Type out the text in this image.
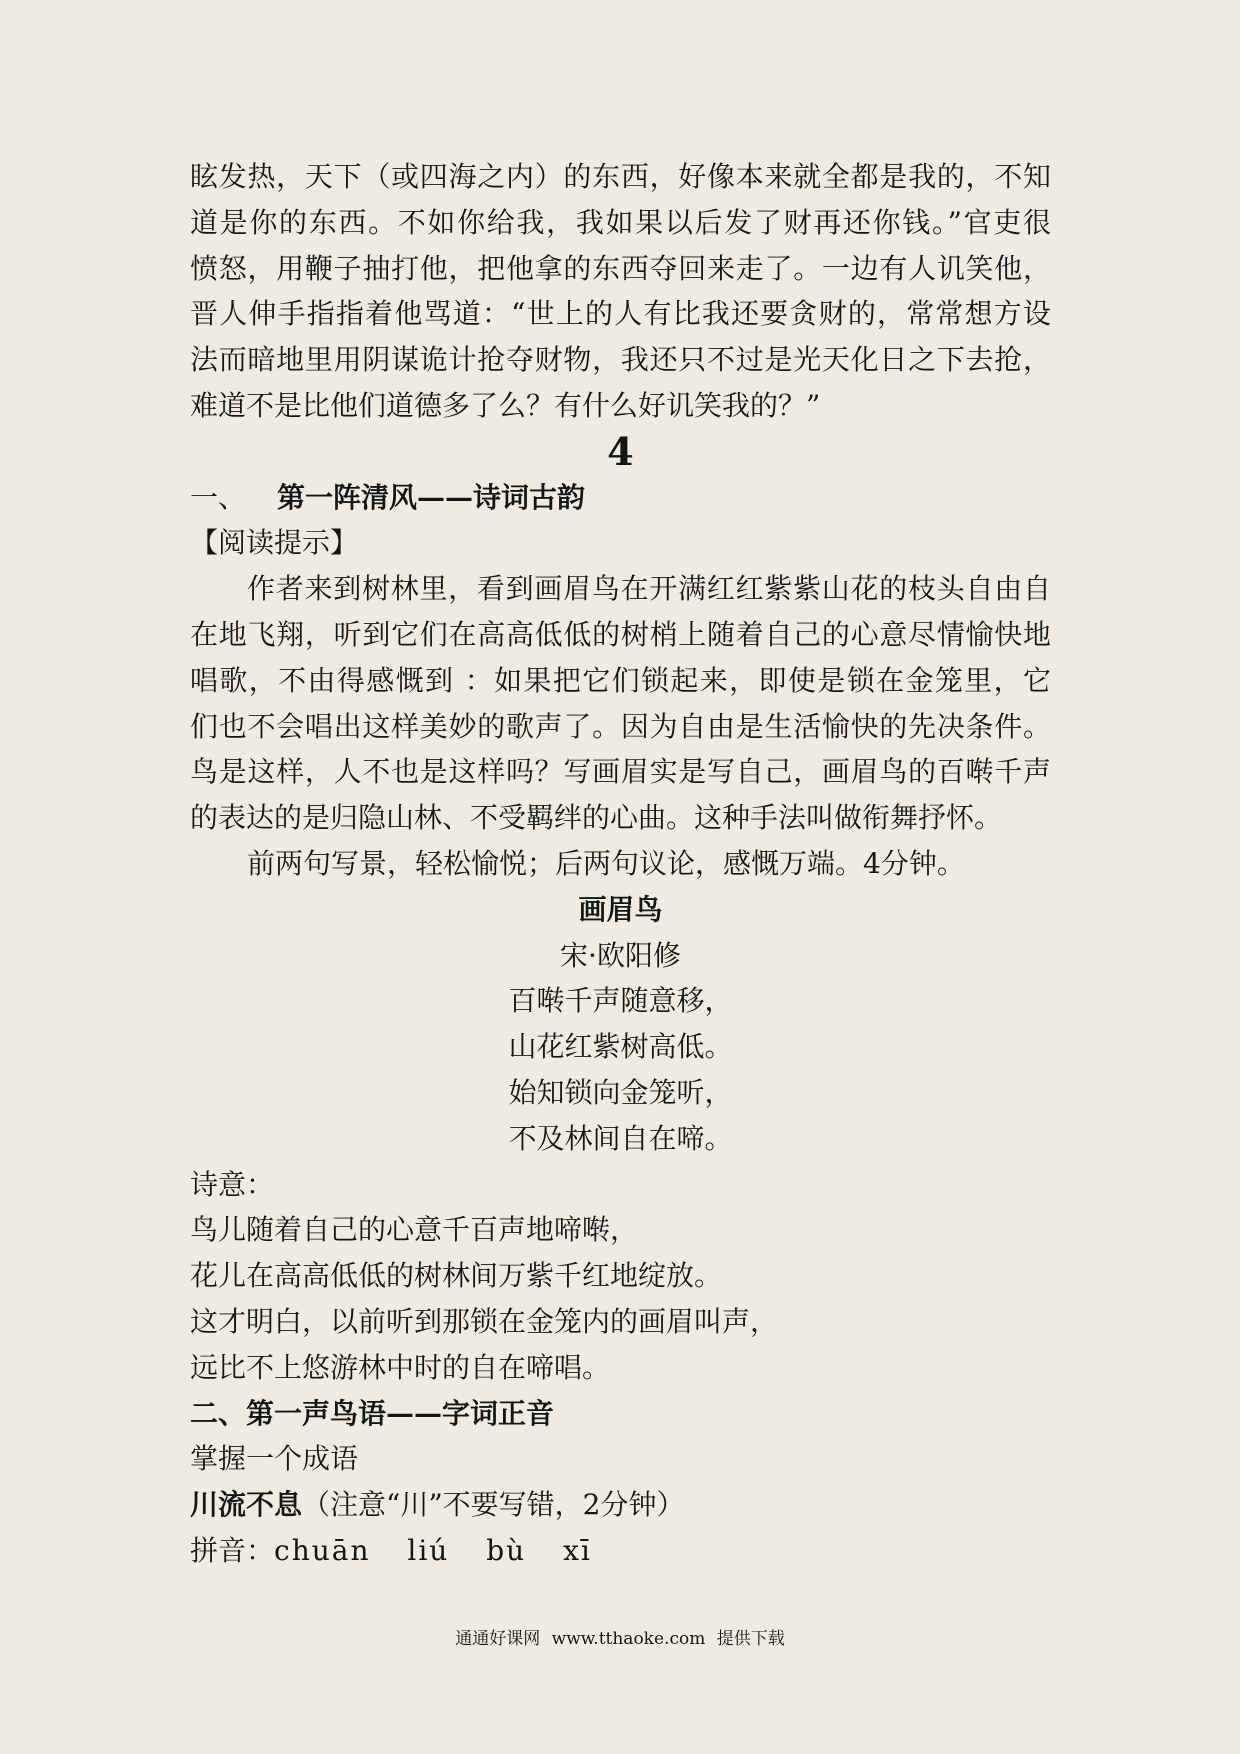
眩发热，天下（或四海之内）的东西，好像本来就全都是我的，不知
道是你的东西。不如你给我，我如果以后发了财再还你钱。”官吏很
愤怒，用鞭子抽打他，把他拿的东西夺回来走了。一边有人讥笑他，
晋人伸手指指着他骂道：“世上的人有比我还要贪财的，常常想方设
法而暗地里用阴谋诡计抢夺财物，我还只不过是光天化日之下去抢，
难道不是比他们道德多了么？有什么好讥笑我的？”
4
一、 第一阵清风——诗词古韵
【阅读提示】
作者来到树林里，看到画眉鸟在开满红红紫紫山花的枝头自由自
在地飞翔，听到它们在高高低低的树梢上随着自己的心意尽情愉快地
唱歌，不由得感慨到 ：如果把它们锁起来，即使是锁在金笼里，它
们也不会唱出这样美妙的歌声了。因为自由是生活愉快的先决条件。
鸟是这样，人不也是这样吗？写画眉实是写自己，画眉鸟的百啭千声
的表达的是归隐山林、不受羁绊的心曲。这种手法叫做衔舞抒怀。
前两句写景，轻松愉悦；后两句议论，感慨万端。4分钟。
画眉鸟
宋·欧阳修
百啭千声随意移，
山花红紫树高低。
始知锁向金笼听，
不及林间自在啼。
诗意：
鸟儿随着自己的心意千百声地啼啭，
花儿在高高低低的树林间万紫千红地绽放。
这才明白，以前听到那锁在金笼内的画眉叫声，
远比不上悠游林中时的自在啼唱。
二、第一声鸟语——字词正音
掌握一个成语
川流不息（注意“川”不要写错，2分钟）
拼音：chuān liú bù xī
通通好课网 www.tthaoke.com 提供下载
